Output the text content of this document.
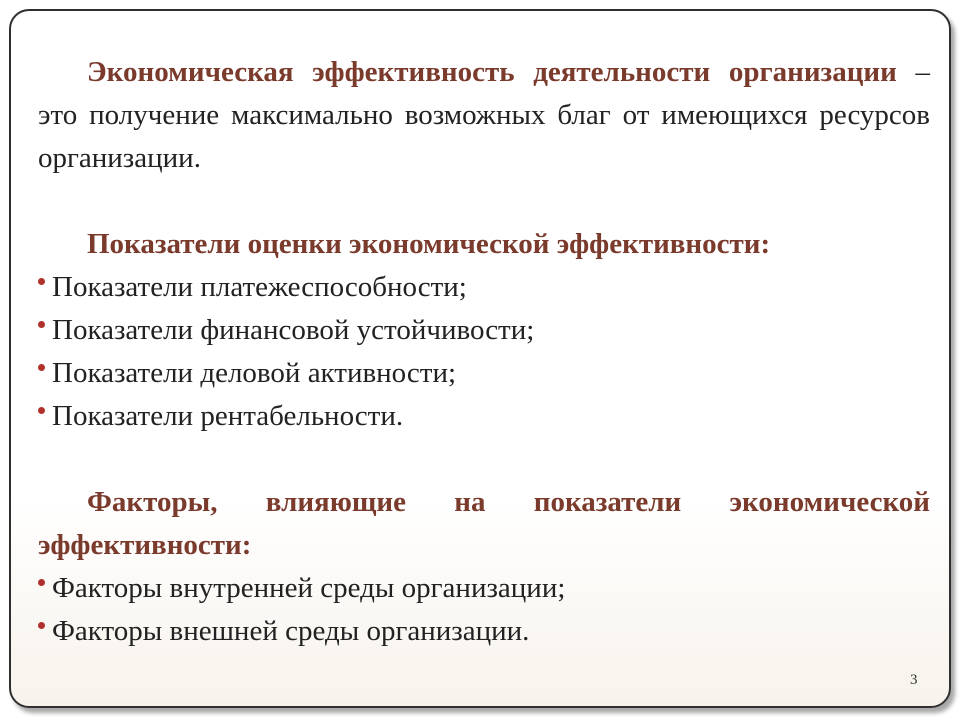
Экономическая эффективность деятельности организации – это получение максимально возможных благ от имеющихся ресурсов организации.

Показатели оценки экономической эффективности:

Показатели платежеспособности;
Показатели финансовой устойчивости;
Показатели деловой активности;
Показатели рентабельности.

Факторы, влияющие на показатели экономической эффективности:

Факторы внутренней среды организации;
Факторы внешней среды организации.
3
